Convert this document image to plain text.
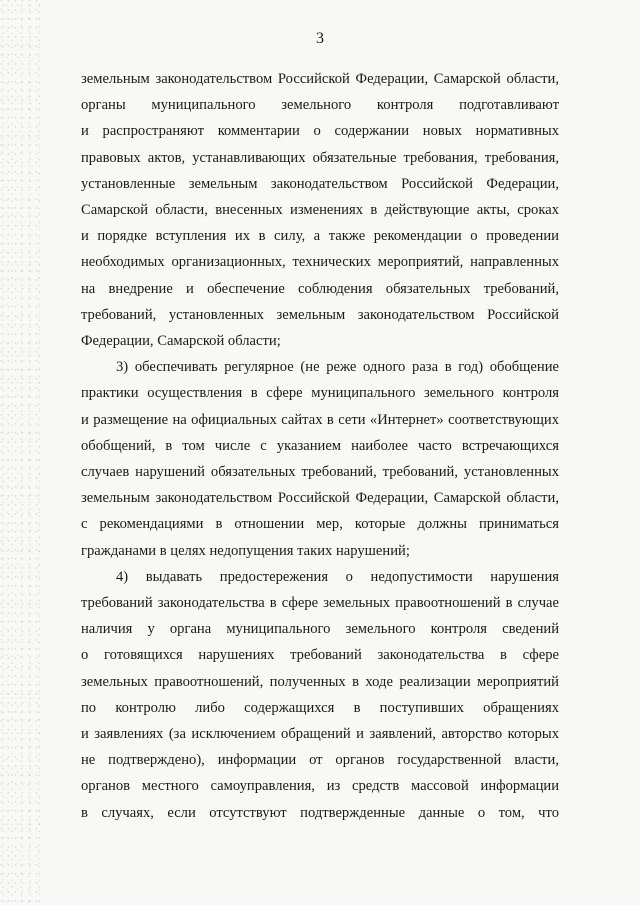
3
земельным законодательством Российской Федерации, Самарской области,
органы муниципального земельного контроля подготавливают
и распространяют комментарии о содержании новых нормативных
правовых актов, устанавливающих обязательные требования, требования,
установленные земельным законодательством Российской Федерации,
Самарской области, внесенных изменениях в действующие акты, сроках
и порядке вступления их в силу, а также рекомендации о проведении
необходимых организационных, технических мероприятий, направленных
на внедрение и обеспечение соблюдения обязательных требований,
требований, установленных земельным законодательством Российской
Федерации, Самарской области;
3) обеспечивать регулярное (не реже одного раза в год) обобщение
практики осуществления в сфере муниципального земельного контроля
и размещение на официальных сайтах в сети «Интернет» соответствующих
обобщений, в том числе с указанием наиболее часто встречающихся
случаев нарушений обязательных требований, требований, установленных
земельным законодательством Российской Федерации, Самарской области,
с рекомендациями в отношении мер, которые должны приниматься
гражданами в целях недопущения таких нарушений;
4) выдавать предостережения о недопустимости нарушения
требований законодательства в сфере земельных правоотношений в случае
наличия у органа муниципального земельного контроля сведений
о готовящихся нарушениях требований законодательства в сфере
земельных правоотношений, полученных в ходе реализации мероприятий
по контролю либо содержащихся в поступивших обращениях
и заявлениях (за исключением обращений и заявлений, авторство которых
не подтверждено), информации от органов государственной власти,
органов местного самоуправления, из средств массовой информации
в случаях, если отсутствуют подтвержденные данные о том, что
